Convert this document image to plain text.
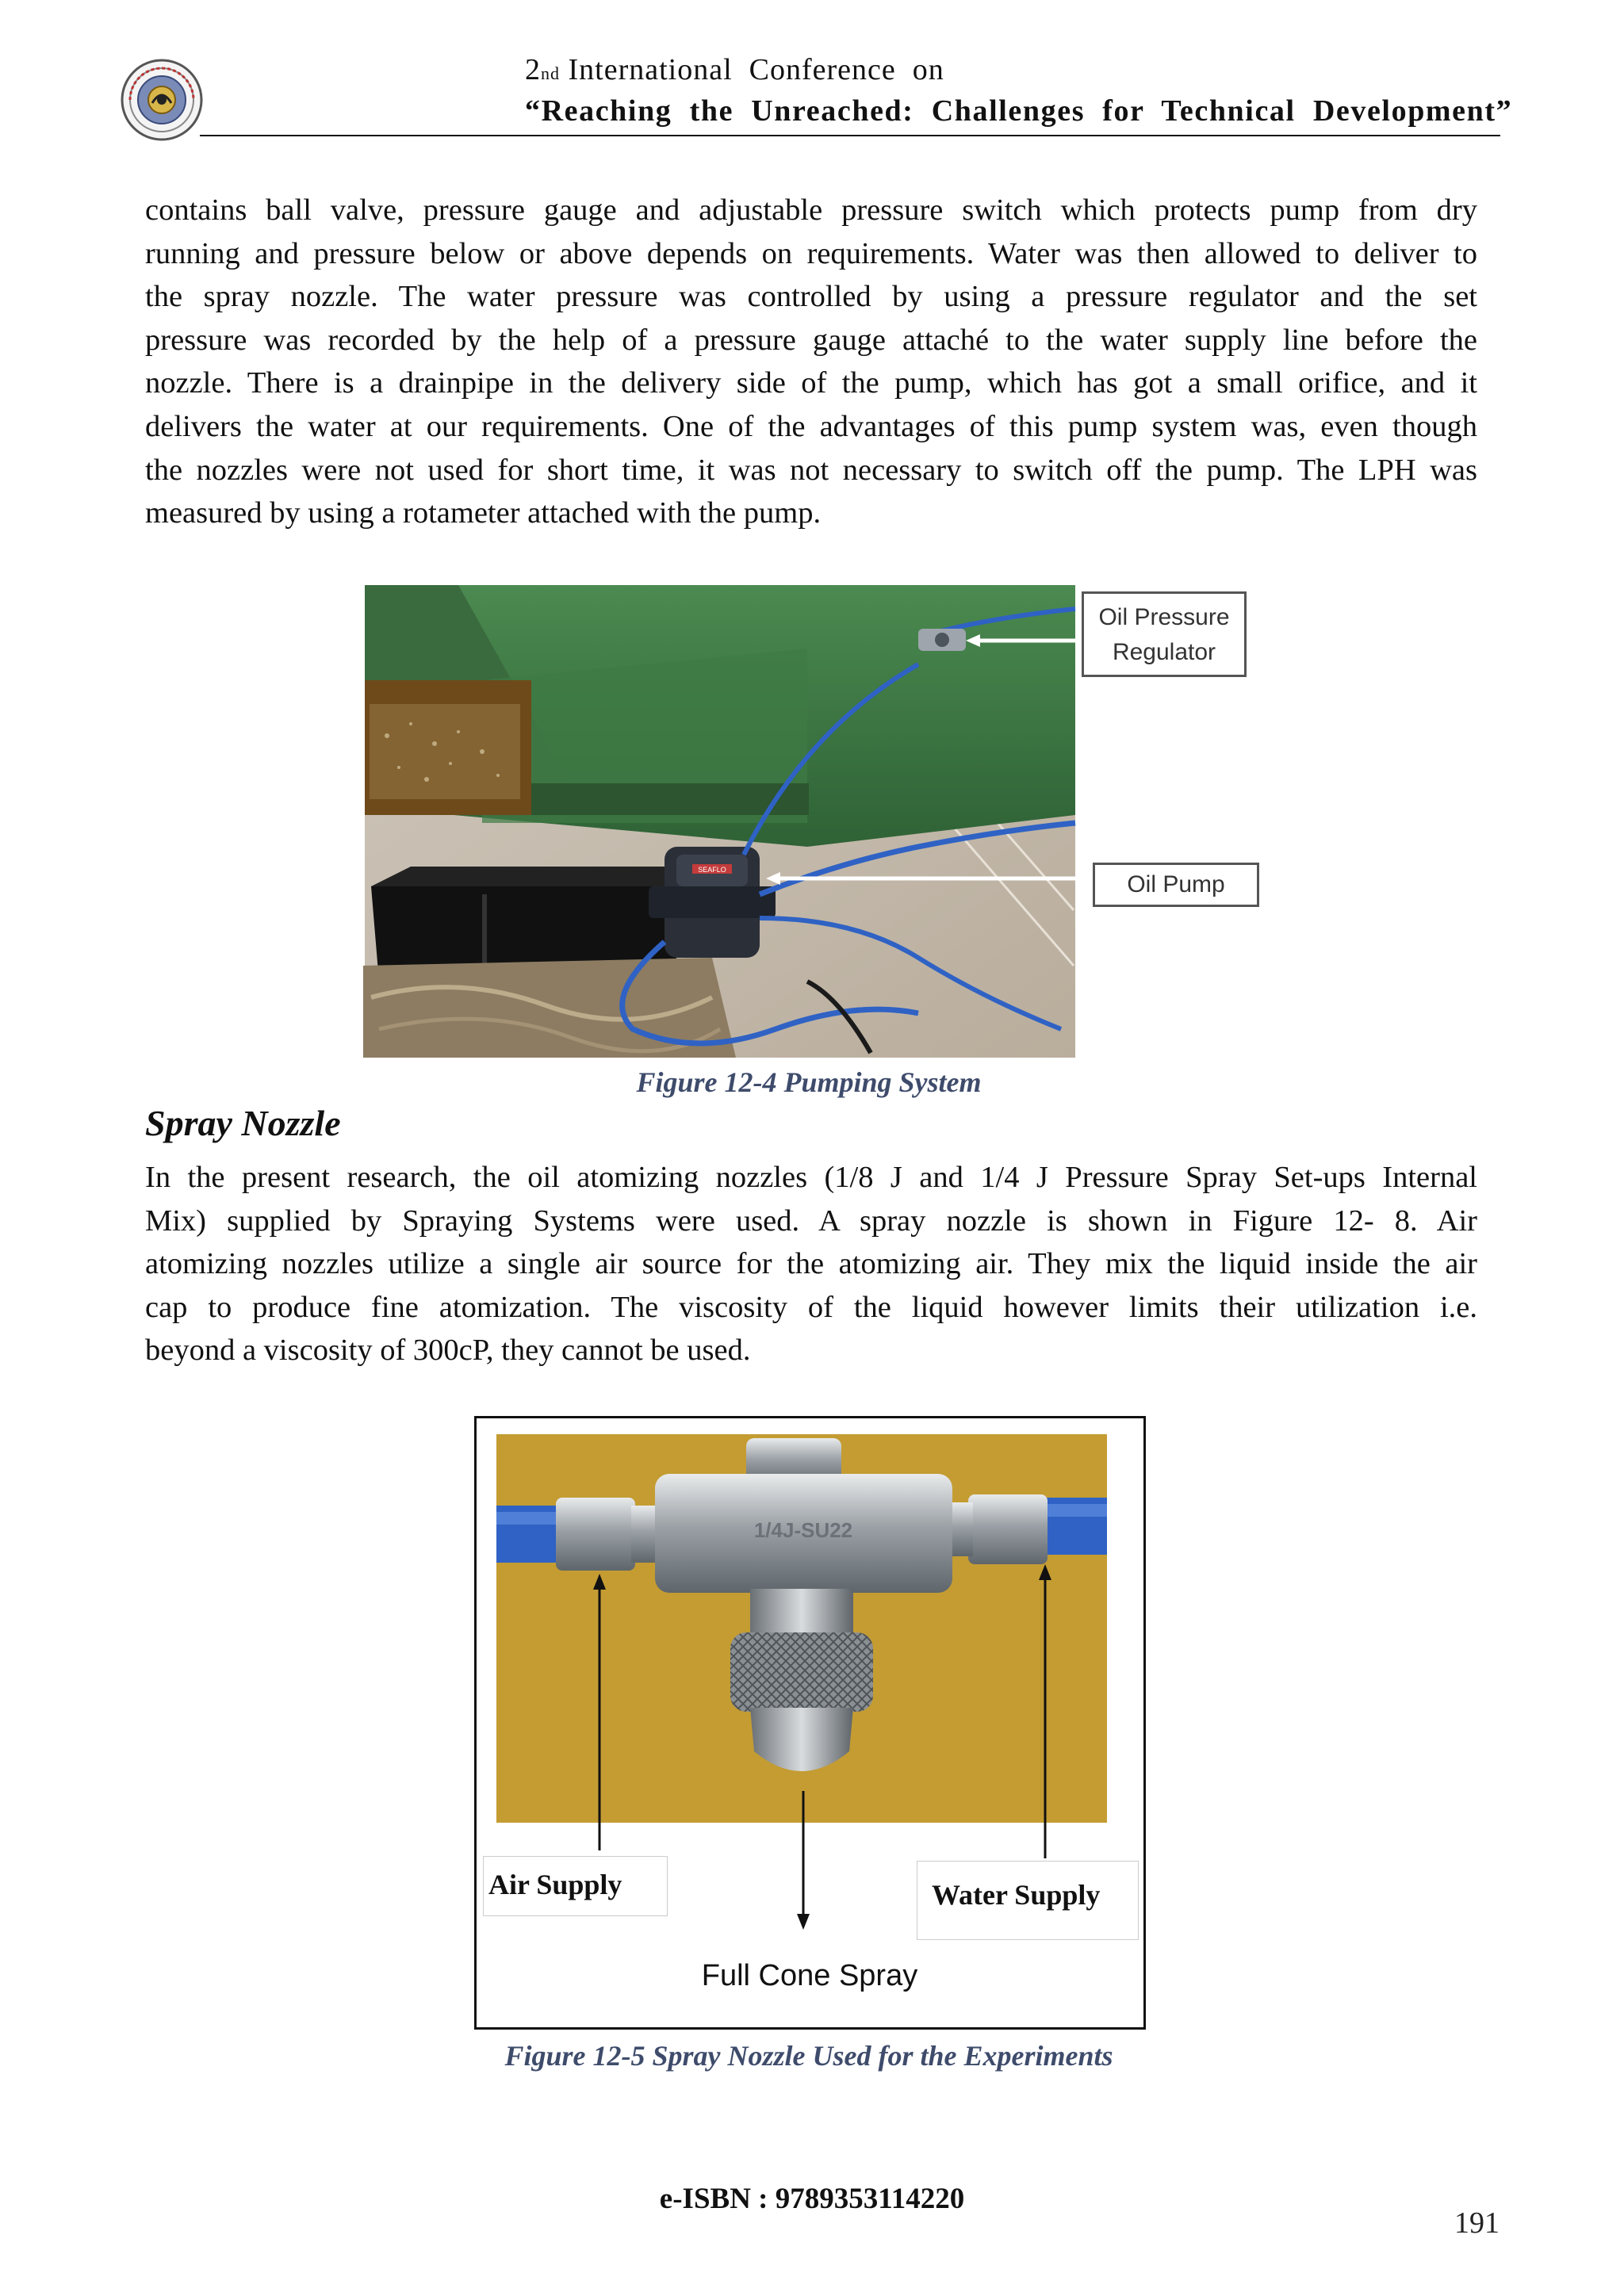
2nd International  Conference  on
“Reaching  the  Unreached:  Challenges  for  Technical  Development”
contains ball valve, pressure gauge and adjustable pressure switch which protects pump from dry
running and pressure below or above depends on requirements. Water was then allowed to deliver to
the spray nozzle. The water pressure was controlled by using a pressure regulator and the set
pressure was recorded by the help of a pressure gauge attaché to the water supply line before the
nozzle. There is a drainpipe in the delivery side of the pump, which has got a small orifice, and it
delivers the water at our requirements. One of the advantages of this pump system was, even though
the nozzles were not used for short time, it was not necessary to switch off the pump. The LPH was
measured by using a rotameter attached with the pump.
SEAFLO
Oil Pressure
Regulator
Oil Pump
Figure 12-4 Pumping System
Spray Nozzle
In the present research, the oil atomizing nozzles (1/8 J and 1/4 J Pressure Spray Set-ups Internal
Mix) supplied by Spraying Systems were used. A spray nozzle is shown in Figure 12- 8. Air
atomizing nozzles utilize a single air source for the atomizing air. They mix the liquid inside the air
cap to produce fine atomization. The viscosity of the liquid however limits their utilization i.e.
beyond a viscosity of 300cP, they cannot be used.
1/4J-SU22
Air Supply	Water Supply
Full Cone Spray
Figure 12-5 Spray Nozzle Used for the Experiments
e-ISBN : 9789353114220
191
